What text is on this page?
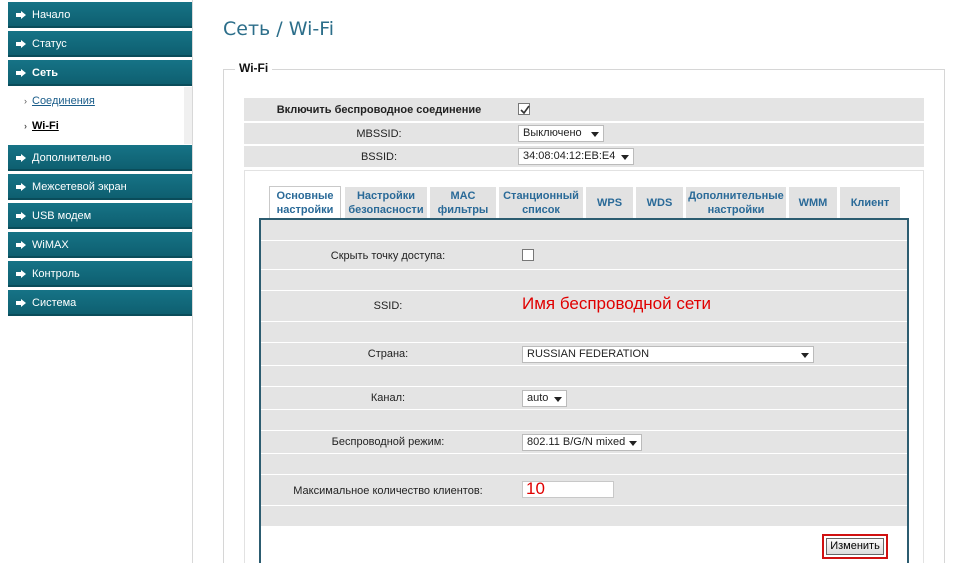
Начало
Статус
Сеть
› Соединения
› Wi-Fi
Дополнительно
Межсетевой экран
USB модем
WiMAX
Контроль
Система
Сеть / Wi-Fi
Wi-Fi
Включить беспроводное соединение
MBSSID:	Выключено
BSSID:	34:08:04:12:EB:E4
Основные
настройки
Настройки
безопасности
MAC
фильтры
Станционный
список
WPS WDS
Дополнительные
настройки
WMM Клиент
Скрыть точку доступа:
SSID:	Имя беспроводной сети
Страна:	RUSSIAN FEDERATION
Канал:	auto
Беспроводной режим:	802.11 B/G/N mixed
Максимальное количество клиентов:	10
Изменить
